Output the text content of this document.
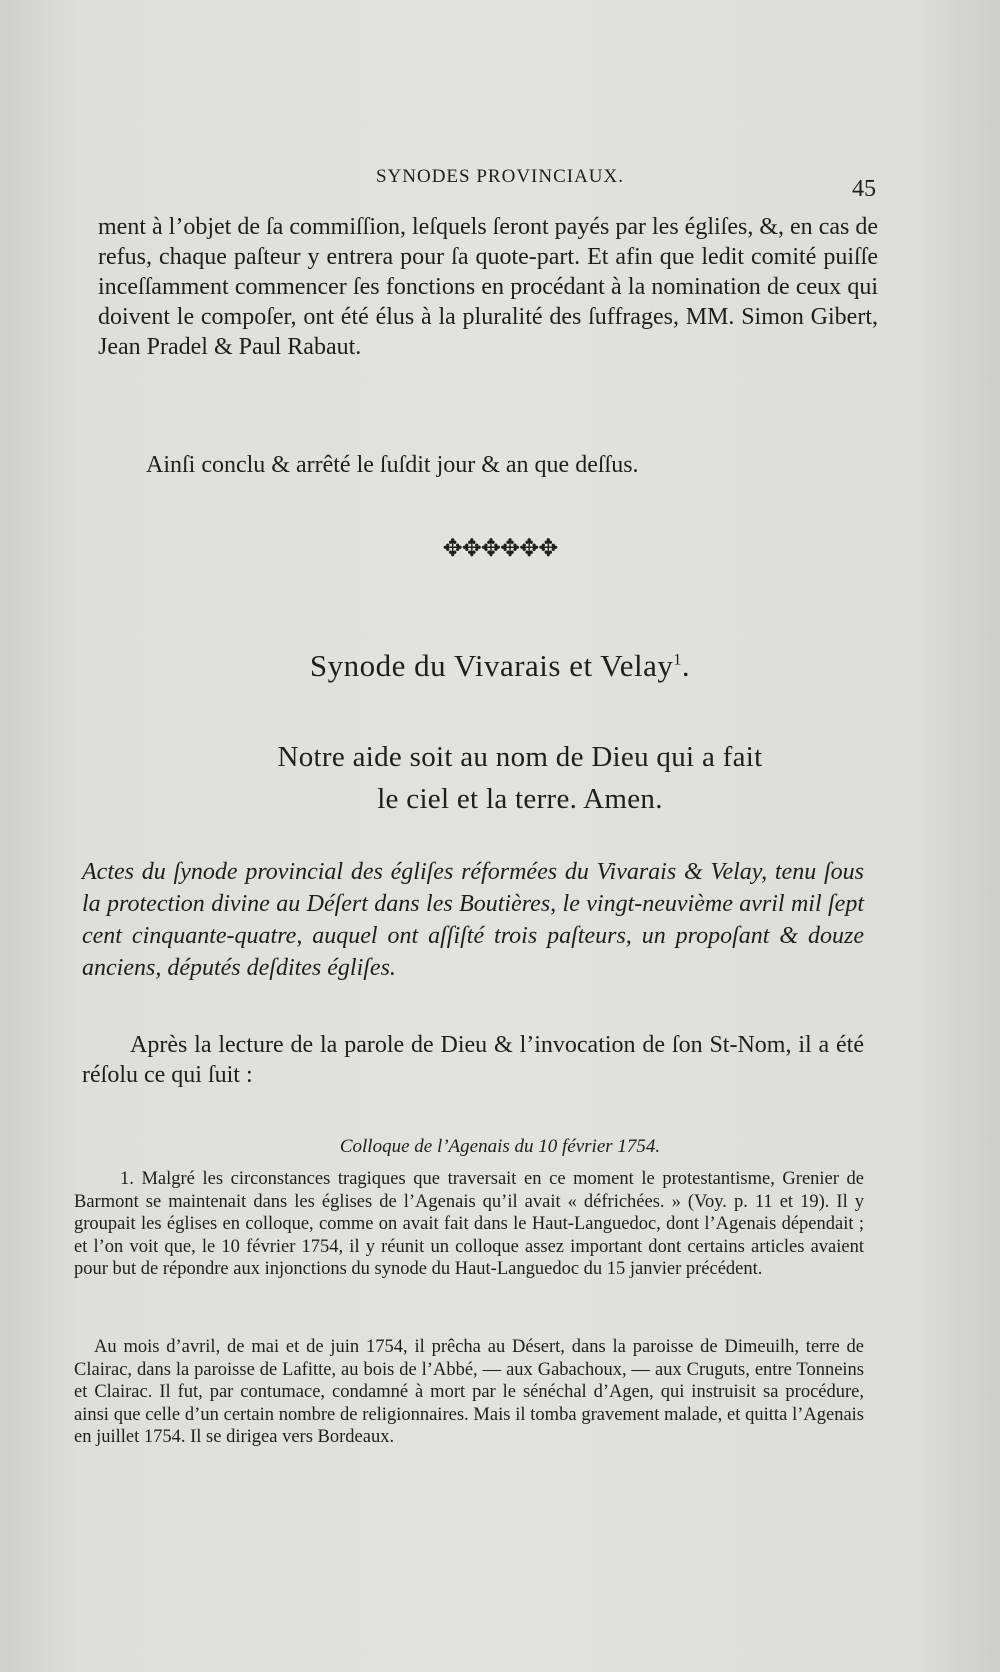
SYNODES PROVINCIAUX.	45

ment à l’objet de ſa commiſſion, leſquels ſeront payés par les égliſes, &, en cas de refus, chaque paſteur y entrera pour ſa quote-part. Et afin que ledit comité puiſſe inceſſamment commencer ſes fonctions en procédant à la nomination de ceux qui doivent le compoſer, ont été élus à la pluralité des ſuffrages, MM. Simon Gibert, Jean Pradel & Paul Rabaut.

Ainſi conclu & arrêté le ſuſdit jour & an que deſſus.

✥✥✥✥✥✥
Synode du Vivarais et Velay$^1$.
Notre aide soit au nom de Dieu qui a fait
le ciel et la terre. Amen.

Actes du ſynode provincial des égliſes réformées du Vivarais & Velay, tenu ſous la protection divine au Déſert dans les Boutières, le vingt-neuvième avril mil ſept cent cinquante-quatre, auquel ont aſſiſté trois paſteurs, un propoſant & douze anciens, députés deſdites égliſes.

Après la lecture de la parole de Dieu & l’invocation de ſon St-Nom, il a été réſolu ce qui ſuit :

Colloque de l’Agenais du 10 février 1754.

1. Malgré les circonstances tragiques que traversait en ce moment le protestantisme, Grenier de Barmont se maintenait dans les églises de l’Agenais qu’il avait « défrichées. » (Voy. p. 11 et 19). Il y groupait les églises en colloque, comme on avait fait dans le Haut-Languedoc, dont l’Agenais dépendait ; et l’on voit que, le 10 février 1754, il y réunit un colloque assez important dont certains articles avaient pour but de répondre aux injonctions du synode du Haut-Languedoc du 15 janvier précédent.

Au mois d’avril, de mai et de juin 1754, il prêcha au Désert, dans la paroisse de Dimeuilh, terre de Clairac, dans la paroisse de Lafitte, au bois de l’Abbé, — aux Gabachoux, — aux Cruguts, entre Tonneins et Clairac. Il fut, par contumace, condamné à mort par le sénéchal d’Agen, qui instruisit sa procédure, ainsi que celle d’un certain nombre de religionnaires. Mais il tomba gravement malade, et quitta l’Agenais en juillet 1754. Il se dirigea vers Bordeaux.
